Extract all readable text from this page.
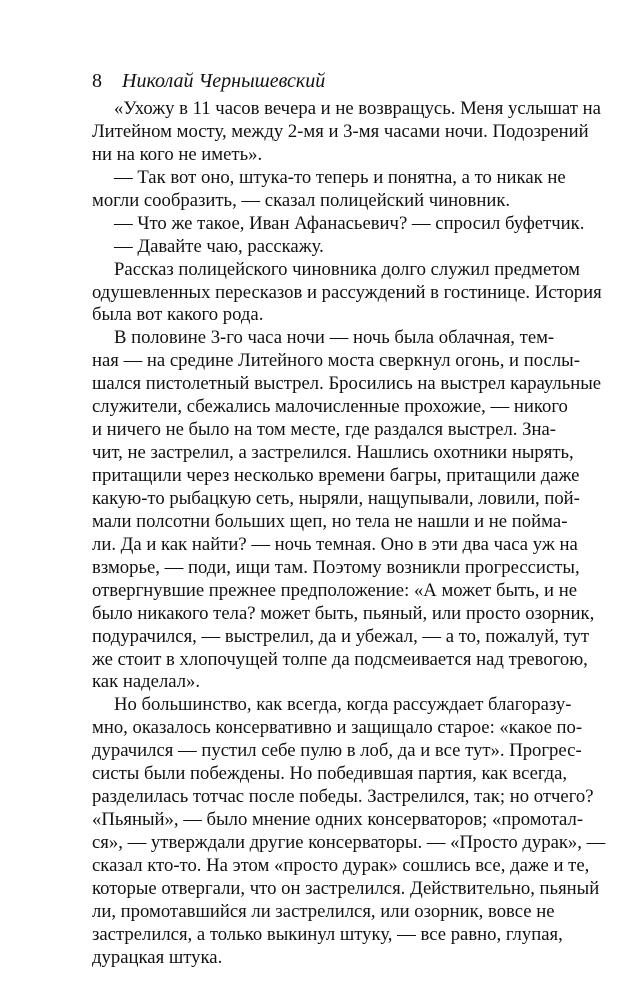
8 Николай Чернышевский
«Ухожу в 11 часов вечера и не возвращусь. Меня услышат на
Литейном мосту, между 2-мя и 3-мя часами ночи. Подозрений
ни на кого не иметь».
— Так вот оно, штука-то теперь и понятна, а то никак не
могли сообразить, — сказал полицейский чиновник.
— Что же такое, Иван Афанасьевич? — спросил буфетчик.
— Давайте чаю, расскажу.
Рассказ полицейского чиновника долго служил предметом
одушевленных пересказов и рассуждений в гостинице. История
была вот какого рода.
В половине 3-го часа ночи — ночь была облачная, тем-
ная — на средине Литейного моста сверкнул огонь, и послы-
шался пистолетный выстрел. Бросились на выстрел караульные
служители, сбежались малочисленные прохожие, — никого
и ничего не было на том месте, где раздался выстрел. Зна-
чит, не застрелил, а застрелился. Нашлись охотники нырять,
притащили через несколько времени багры, притащили даже
какую-то рыбацкую сеть, ныряли, нащупывали, ловили, пой-
мали полсотни больших щеп, но тела не нашли и не поймa-
ли. Да и как найти? — ночь темная. Оно в эти два часа уж на
взморье, — поди, ищи там. Поэтому возникли прогрессисты,
отвергнувшие прежнее предположение: «А может быть, и не
было никакого тела? может быть, пьяный, или просто озорник,
подурачился, — выстрелил, да и убежал, — а то, пожалуй, тут
же стоит в хлопочущей толпе да подсмеивается над тревогою,
как наделал».
Но большинство, как всегда, когда рассуждает благоразу-
мно, оказалось консервативно и защищало старое: «какое по-
дурачился — пустил себе пулю в лоб, да и все тут». Прогрес-
систы были побеждены. Но победившая партия, как всегда,
разделилась тотчас после победы. Застрелился, так; но отчего?
«Пьяный», — было мнение одних консерваторов; «промотал-
ся», — утверждали другие консерваторы. — «Просто дурак», —
сказал кто-то. На этом «просто дурак» сошлись все, даже и те,
которые отвергали, что он застрелился. Действительно, пьяный
ли, промотавшийся ли застрелился, или озорник, вовсе не
застрелился, а только выкинул штуку, — все равно, глупая,
дурацкая штука.
